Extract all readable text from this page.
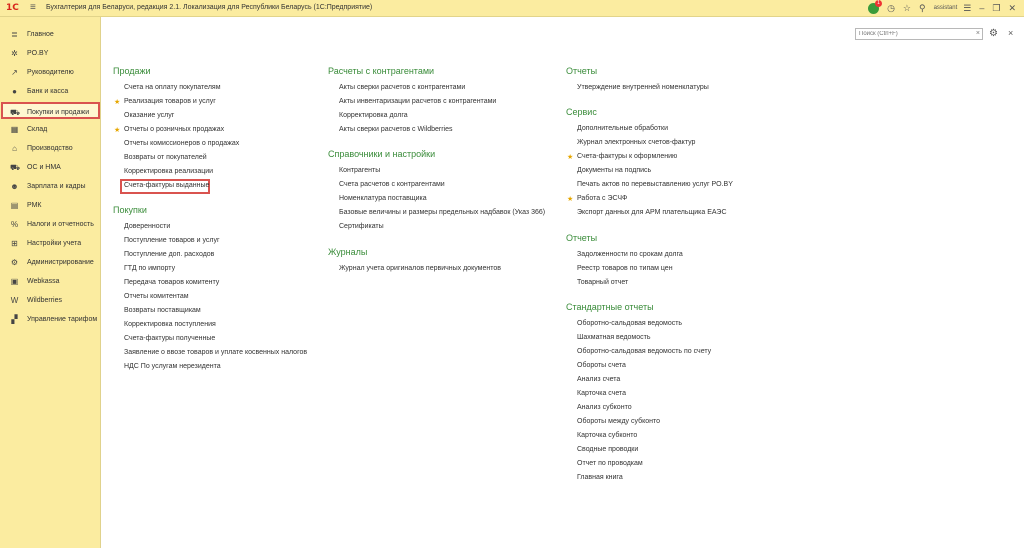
1С ≡ Бухгалтерия для Беларуси, редакция 2.1. Локализация для Республики Беларусь (1С:Предприятие)
1
◷ ☆ ⚲ assistant ☰ – ❐ ✕
≣ Главное
✲ PO.BY
↗ Руководителю
● Банк и касса
⛟ Покупки и продажи
▦ Склад
⌂ Производство
⛟ ОС и НМА
☻ Зарплата и кадры
▤ РМК
% Налоги и отчетность
⊞ Настройки учета
⚙ Администрирование
▣ Webkassa
W Wildberries
▞ Управление тарифом
Поиск (Ctrl+F)
× ⚙ ×
Продажи
Счета на оплату покупателям
★ Реализация товаров и услуг
Оказание услуг
★ Отчеты о розничных продажах
Отчеты комиссионеров о продажах
Возвраты от покупателей
Корректировка реализации
Счета-фактуры выданные
Покупки
Доверенности
Поступление товаров и услуг
Поступление доп. расходов
ГТД по импорту
Передача товаров комитенту
Отчеты комитентам
Возвраты поставщикам
Корректировка поступления
Счета-фактуры полученные
Заявление о ввозе товаров и уплате косвенных налогов
НДС По услугам нерезидента
Расчеты с контрагентами
Акты сверки расчетов с контрагентами
Акты инвентаризации расчетов с контрагентами
Корректировка долга
Акты сверки расчетов с Wildberries
Справочники и настройки
Контрагенты
Счета расчетов с контрагентами
Номенклатура поставщика
Базовые величины и размеры предельных надбавок (Указ 366)
Сертификаты
Журналы
Журнал учета оригиналов первичных документов
Отчеты
Утверждение внутренней номенклатуры
Сервис
Дополнительные обработки
Журнал электронных счетов-фактур
★ Счета-фактуры к оформлению
Документы на подпись
Печать актов по перевыставлению услуг PO.BY
★ Работа с ЭСЧФ
Экспорт данных для АРМ плательщика ЕАЭС
Отчеты
Задолженности по срокам долга
Реестр товаров по типам цен
Товарный отчет
Стандартные отчеты
Оборотно-сальдовая ведомость
Шахматная ведомость
Оборотно-сальдовая ведомость по счету
Обороты счета
Анализ счета
Карточка счета
Анализ субконто
Обороты между субконто
Карточка субконто
Сводные проводки
Отчет по проводкам
Главная книга
